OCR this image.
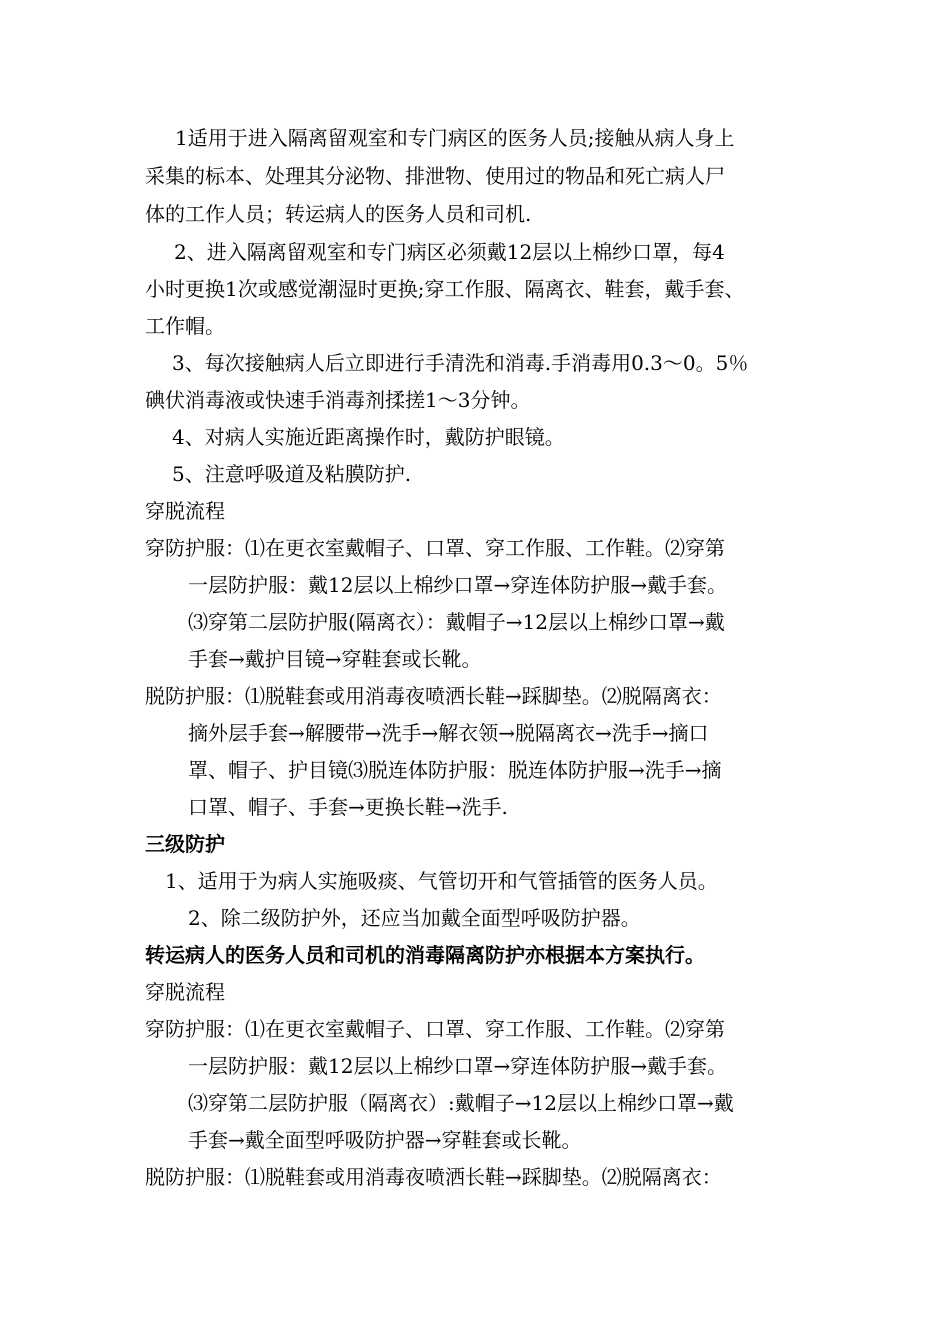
1适用于进入隔离留观室和专门病区的医务人员;接触从病人身上
采集的标本、处理其分泌物、排泄物、使用过的物品和死亡病人尸
体的工作人员；转运病人的医务人员和司机.
2、进入隔离留观室和专门病区必须戴12层以上棉纱口罩，每4
小时更换1次或感觉潮湿时更换;穿工作服、隔离衣、鞋套，戴手套、
工作帽。
3、每次接触病人后立即进行手清洗和消毒.手消毒用0.3～0。5％
碘伏消毒液或快速手消毒剂揉搓1～3分钟。
4、对病人实施近距离操作时，戴防护眼镜。
5、注意呼吸道及粘膜防护.
穿脱流程
穿防护服：⑴在更衣室戴帽子、口罩、穿工作服、工作鞋。⑵穿第
一层防护服：戴12层以上棉纱口罩→穿连体防护服→戴手套。
⑶穿第二层防护服(隔离衣）：戴帽子→12层以上棉纱口罩→戴
手套→戴护目镜→穿鞋套或长靴。
脱防护服：⑴脱鞋套或用消毒夜喷洒长鞋→踩脚垫。⑵脱隔离衣：
摘外层手套→解腰带→洗手→解衣领→脱隔离衣→洗手→摘口
罩、帽子、护目镜⑶脱连体防护服：脱连体防护服→洗手→摘
口罩、帽子、手套→更换长鞋→洗手.
三级防护
1、适用于为病人实施吸痰、气管切开和气管插管的医务人员。
2、除二级防护外，还应当加戴全面型呼吸防护器。
转运病人的医务人员和司机的消毒隔离防护亦根据本方案执行。
穿脱流程
穿防护服：⑴在更衣室戴帽子、口罩、穿工作服、工作鞋。⑵穿第
一层防护服：戴12层以上棉纱口罩→穿连体防护服→戴手套。
⑶穿第二层防护服（隔离衣）:戴帽子→12层以上棉纱口罩→戴
手套→戴全面型呼吸防护器→穿鞋套或长靴。
脱防护服：⑴脱鞋套或用消毒夜喷洒长鞋→踩脚垫。⑵脱隔离衣：
